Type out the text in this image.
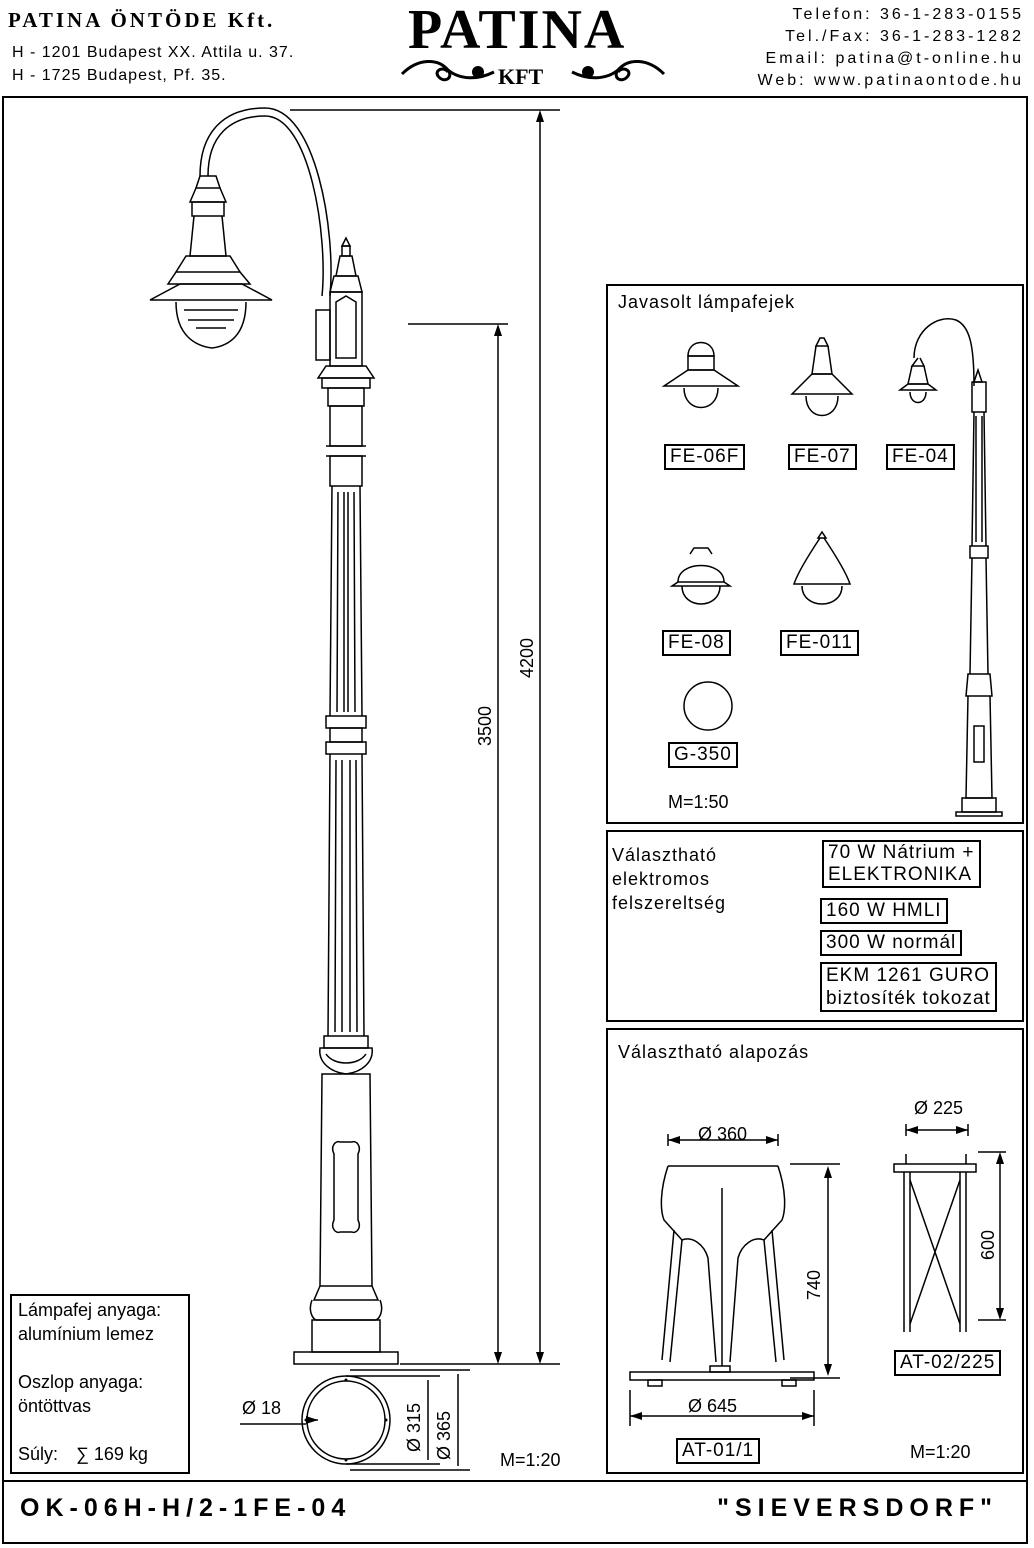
PATINA ÖNTÖDE Kft.
H - 1201 Budapest XX. Attila u. 37.
H - 1725 Budapest, Pf. 35.
PATINA
KFT
Telefon: 36-1-283-0155
Tel./Fax: 36-1-283-1282
Email: patina@t-online.hu
Web: www.patinaontode.hu
4200
3500
Ø 18	Ø 315 Ø 365	M=1:20
Lámpafej anyaga:
alumínium lemez
Oszlop anyaga:
öntöttvas
Súly: ∑ 169 kg
Javasolt lámpafejek
FE-06F	FE-07	FE-04
FE-08	FE-011
G-350
M=1:50
Választható
elektromos
felszereltség
70 W Nátrium +
ELEKTRONIKA
160 W HMLI
300 W normál
EKM 1261 GURO
biztosíték tokozat
Választható alapozás
Ø 360
740
Ø 645
AT-01/1
Ø 225
600
AT-02/225
M=1:20
OK-06H-H/2-1FE-04	"SIEVERSDORF"
